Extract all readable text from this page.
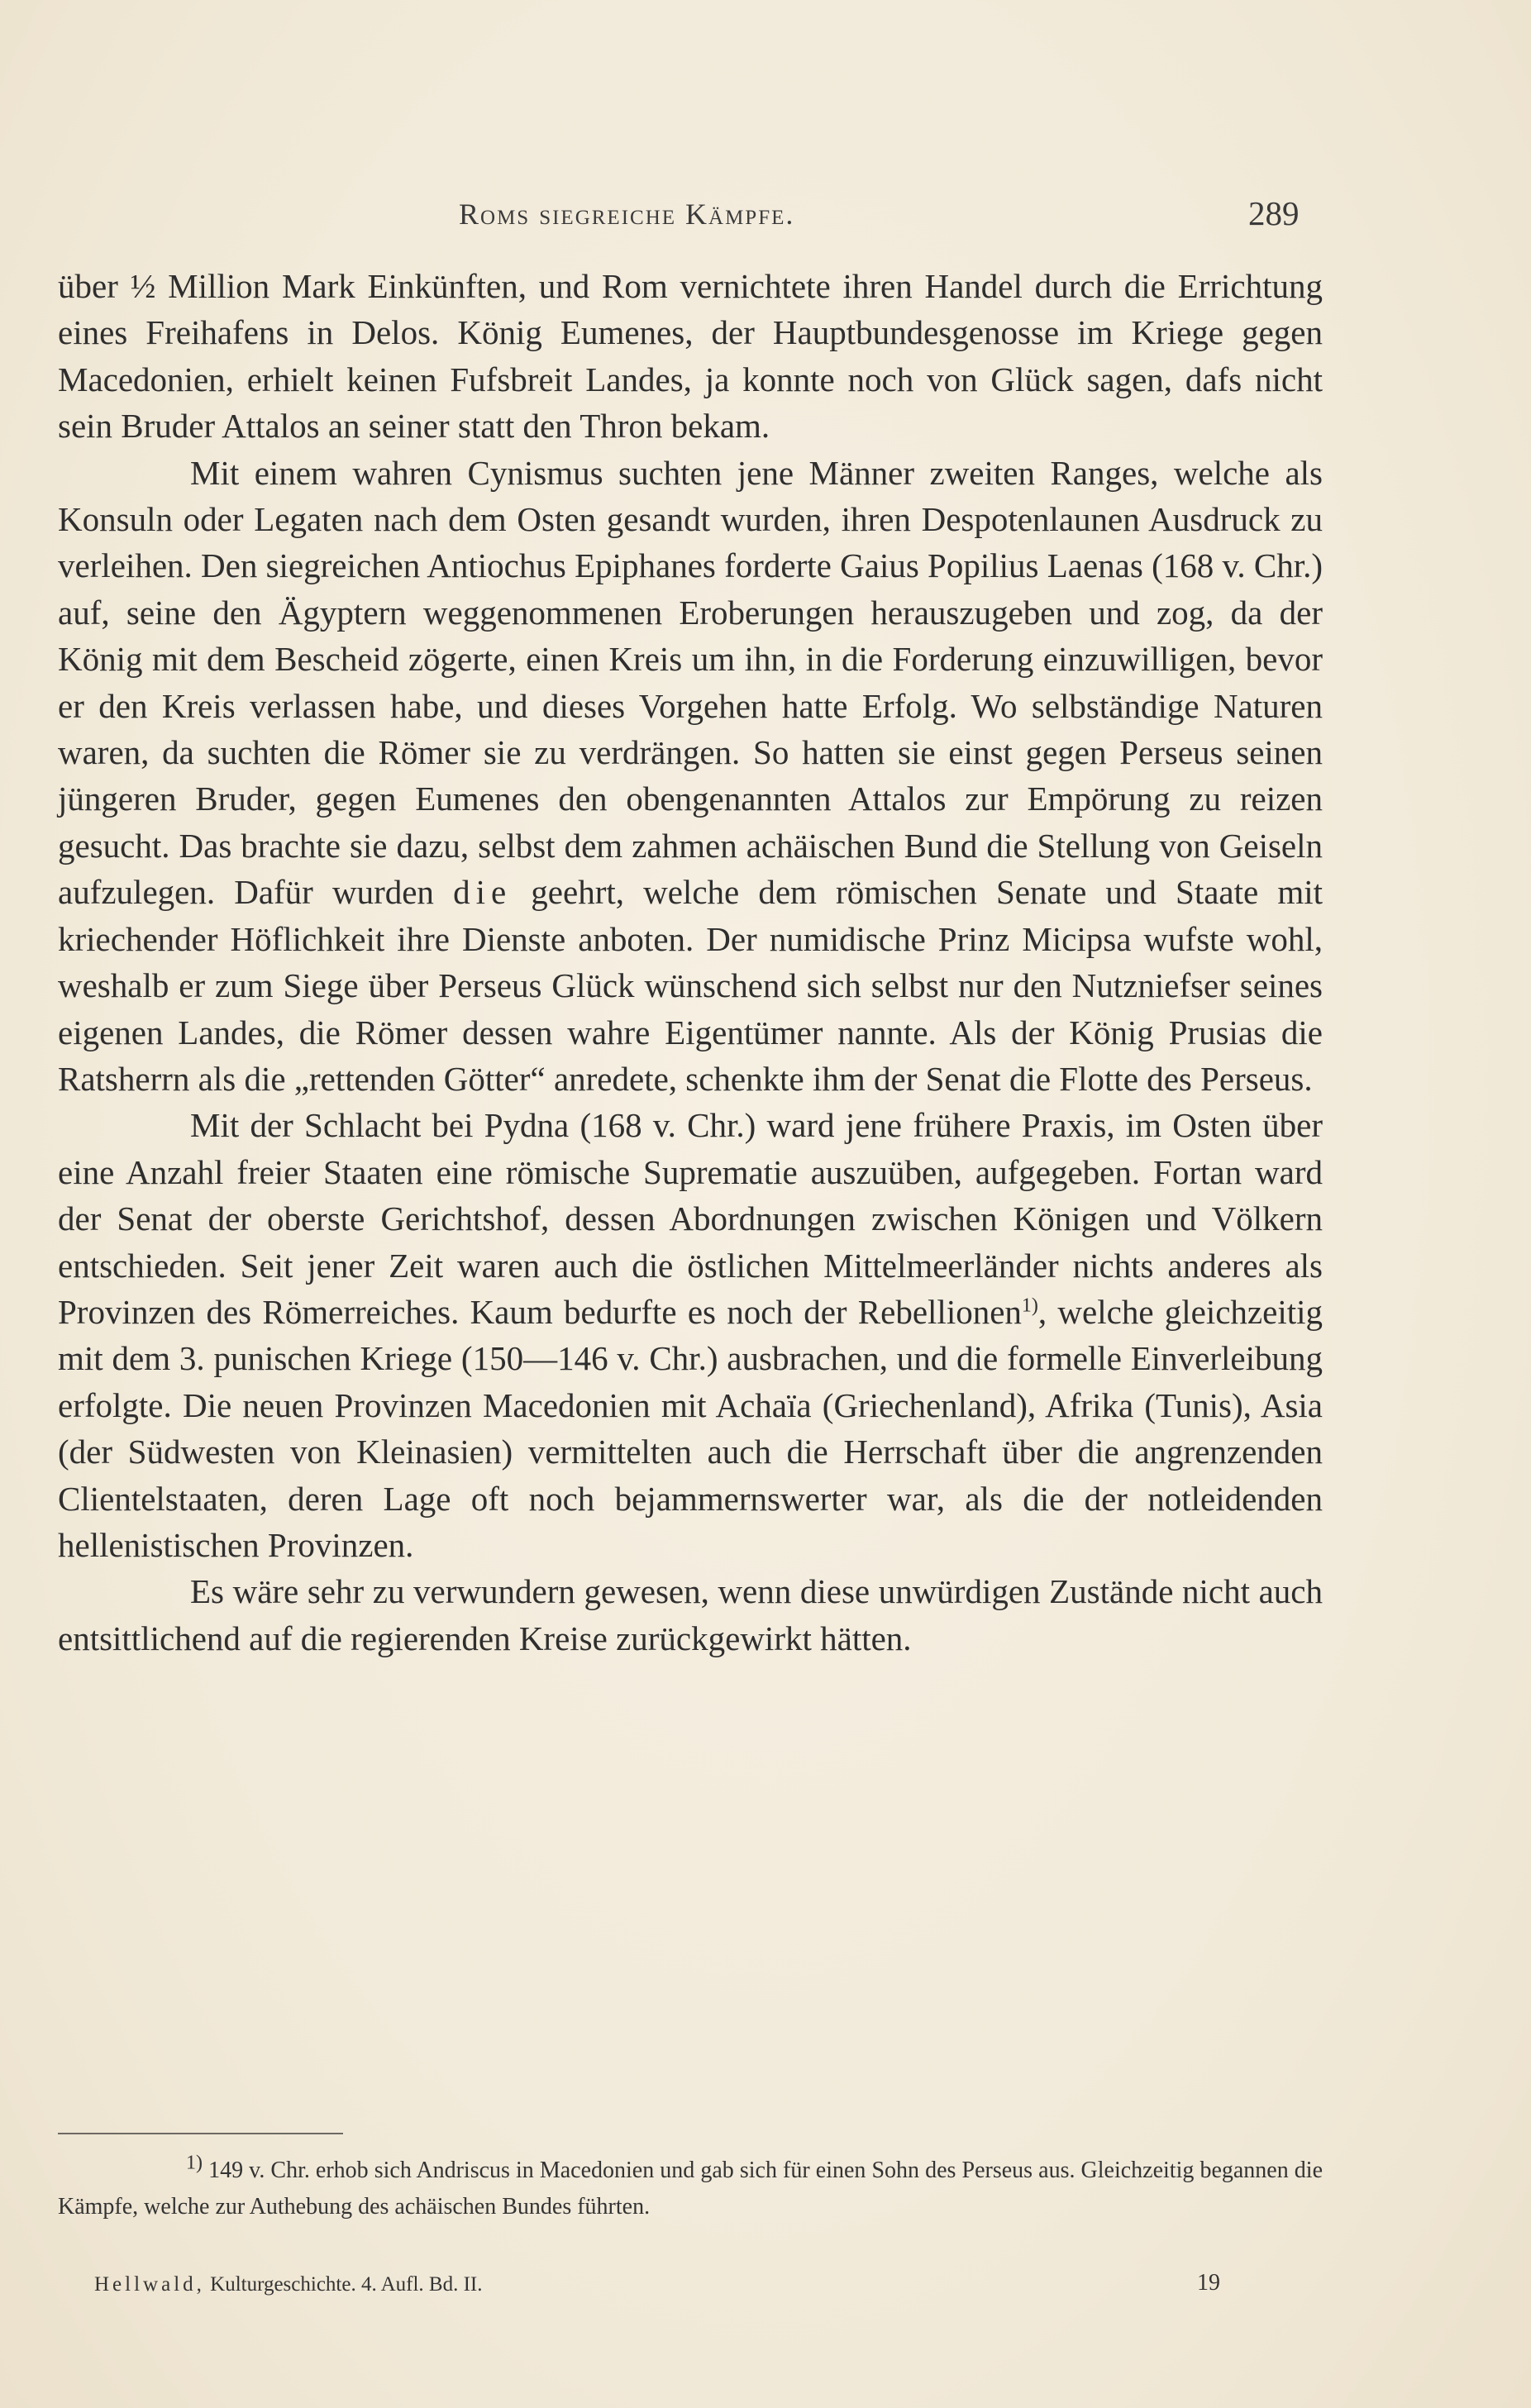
Roms siegreiche Kämpfe.	289

über ½ Million Mark Einkünften, und Rom vernichtete ihren Handel durch die Errichtung eines Freihafens in Delos. König Eumenes, der Hauptbundesgenosse im Kriege gegen Macedonien, erhielt keinen Fufsbreit Landes, ja konnte noch von Glück sagen, dafs nicht sein Bruder Attalos an seiner statt den Thron bekam.

Mit einem wahren Cynismus suchten jene Männer zweiten Ranges, welche als Konsuln oder Legaten nach dem Osten gesandt wurden, ihren Despotenlaunen Ausdruck zu verleihen. Den siegreichen Antiochus Epiphanes forderte Gaius Popilius Laenas (168 v. Chr.) auf, seine den Ägyptern weggenommenen Eroberungen herauszugeben und zog, da der König mit dem Bescheid zögerte, einen Kreis um ihn, in die Forderung einzuwilligen, bevor er den Kreis verlassen habe, und dieses Vorgehen hatte Erfolg. Wo selbständige Naturen waren, da suchten die Römer sie zu verdrängen. So hatten sie einst gegen Perseus seinen jüngeren Bruder, gegen Eumenes den obengenannten Attalos zur Empörung zu reizen gesucht. Das brachte sie dazu, selbst dem zahmen achäischen Bund die Stellung von Geiseln aufzulegen. Dafür wurden die geehrt, welche dem römischen Senate und Staate mit kriechender Höflichkeit ihre Dienste anboten. Der numidische Prinz Micipsa wufste wohl, weshalb er zum Siege über Perseus Glück wünschend sich selbst nur den Nutzniefser seines eigenen Landes, die Römer dessen wahre Eigentümer nannte. Als der König Prusias die Ratsherrn als die „rettenden Götter“ anredete, schenkte ihm der Senat die Flotte des Perseus.

Mit der Schlacht bei Pydna (168 v. Chr.) ward jene frühere Praxis, im Osten über eine Anzahl freier Staaten eine römische Suprematie auszuüben, aufgegeben. Fortan ward der Senat der oberste Gerichtshof, dessen Abordnungen zwischen Königen und Völkern entschieden. Seit jener Zeit waren auch die östlichen Mittelmeerländer nichts anderes als Provinzen des Römerreiches. Kaum bedurfte es noch der Rebellionen$^{1)}$, welche gleichzeitig mit dem 3. punischen Kriege (150—146 v. Chr.) ausbrachen, und die formelle Einverleibung erfolgte. Die neuen Provinzen Macedonien mit Achaïa (Griechenland), Afrika (Tunis), Asia (der Südwesten von Kleinasien) vermittelten auch die Herrschaft über die angrenzenden Clientelstaaten, deren Lage oft noch bejammernswerter war, als die der notleidenden hellenistischen Provinzen.

Es wäre sehr zu verwundern gewesen, wenn diese unwürdigen Zustände nicht auch entsittlichend auf die regierenden Kreise zurückgewirkt hätten.

$^{1)}$ 149 v. Chr. erhob sich Andriscus in Macedonien und gab sich für einen Sohn des Perseus aus. Gleichzeitig begannen die Kämpfe, welche zur Authebung des achäischen Bundes führten.
Hellwald, Kulturgeschichte. 4. Aufl. Bd. II.	19
